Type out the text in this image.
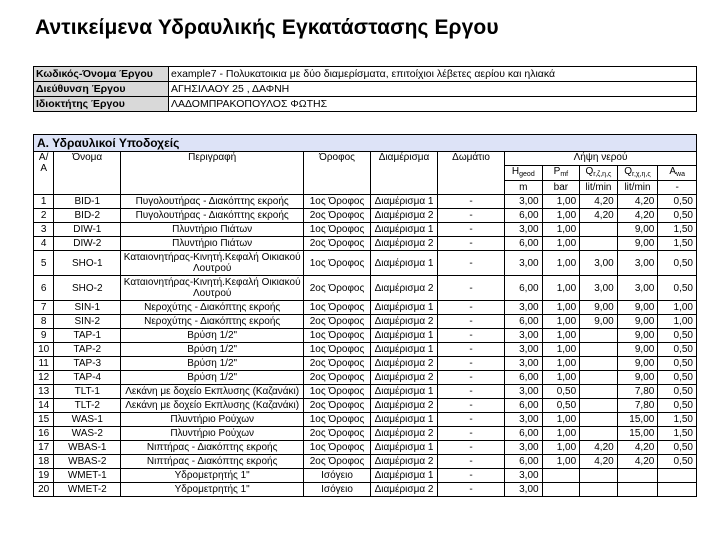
Αντικείμενα Υδραυλικής Εγκατάστασης Εργου
Κωδικός-Όνομα Έργου	example7 - Πολυκατοικια με δύο διαμερίσματα, επιτοίχιοι λέβετες αερίου και ηλιακά
Διεύθυνση Έργου	ΑΓΗΣΙΛΑΟΥ 25 , ΔΑΦΝΗ
Ιδιοκτήτης Έργου	ΛΑΔΟΜΠΡΑΚΟΠΟΥΛΟΣ ΦΩΤΗΣ
Α. Υδραυλικοί Υποδοχείς										
Α/Α	Όνομα	Περιγραφή	Όροφος	Διαμέρισμα	Δωμάτιο	Λήψη νερού				
						$H_{geod}$	$P_{mf}$	$Q_{r,\zeta,\eta,\varsigma}$	$Q_{r,\chi,\eta,\varsigma}$	$A_{wa}$
						m	bar	lit/min	lit/min	-
1	BID-1	Πυγολουτήρας - Διακόπτης εκροής	1ος Όροφος	Διαμέρισμα 1	-	3,00	1,00	4,20	4,20	0,50
2	BID-2	Πυγολουτήρας - Διακόπτης εκροής	2ος Όροφος	Διαμέρισμα 2	-	6,00	1,00	4,20	4,20	0,50
3	DIW-1	Πλυντήριο Πιάτων	1ος Όροφος	Διαμέρισμα 1	-	3,00	1,00		9,00	1,50
4	DIW-2	Πλυντήριο Πιάτων	2ος Όροφος	Διαμέρισμα 2	-	6,00	1,00		9,00	1,50
5	SHO-1	Καταιονητήρας-Κινητή.Κεφαλή Οικιακού Λουτρού	1ος Όροφος	Διαμέρισμα 1	-	3,00	1,00	3,00	3,00	0,50
6	SHO-2	Καταιονητήρας-Κινητή.Κεφαλή Οικιακού Λουτρού	2ος Όροφος	Διαμέρισμα 2	-	6,00	1,00	3,00	3,00	0,50
7	SIN-1	Νεροχύτης - Διακόπτης εκροής	1ος Όροφος	Διαμέρισμα 1	-	3,00	1,00	9,00	9,00	1,00
8	SIN-2	Νεροχύτης - Διακόπτης εκροής	2ος Όροφος	Διαμέρισμα 2	-	6,00	1,00	9,00	9,00	1,00
9	TAP-1	Βρύση 1/2"	1ος Όροφος	Διαμέρισμα 1	-	3,00	1,00		9,00	0,50
10	TAP-2	Βρύση 1/2"	1ος Όροφος	Διαμέρισμα 1	-	3,00	1,00		9,00	0,50
11	TAP-3	Βρύση 1/2"	2ος Όροφος	Διαμέρισμα 2	-	3,00	1,00		9,00	0,50
12	TAP-4	Βρύση 1/2"	2ος Όροφος	Διαμέρισμα 2	-	6,00	1,00		9,00	0,50
13	TLT-1	Λεκάνη με δοχείο Εκπλυσης (Καζανάκι)	1ος Όροφος	Διαμέρισμα 1	-	3,00	0,50		7,80	0,50
14	TLT-2	Λεκάνη με δοχείο Εκπλυσης (Καζανάκι)	2ος Όροφος	Διαμέρισμα 2	-	6,00	0,50		7,80	0,50
15	WAS-1	Πλυντήριο Ρούχων	1ος Όροφος	Διαμέρισμα 1	-	3,00	1,00		15,00	1,50
16	WAS-2	Πλυντήριο Ρούχων	2ος Όροφος	Διαμέρισμα 2	-	6,00	1,00		15,00	1,50
17	WBAS-1	Νιπτήρας - Διακόπτης εκροής	1ος Όροφος	Διαμέρισμα 1	-	3,00	1,00	4,20	4,20	0,50
18	WBAS-2	Νιπτήρας - Διακόπτης εκροής	2ος Όροφος	Διαμέρισμα 2	-	6,00	1,00	4,20	4,20	0,50
19	WMET-1	Υδρομετρητής 1"	Ισόγειο	Διαμέρισμα 1	-	3,00				
20	WMET-2	Υδρομετρητής 1"	Ισόγειο	Διαμέρισμα 2	-	3,00				
